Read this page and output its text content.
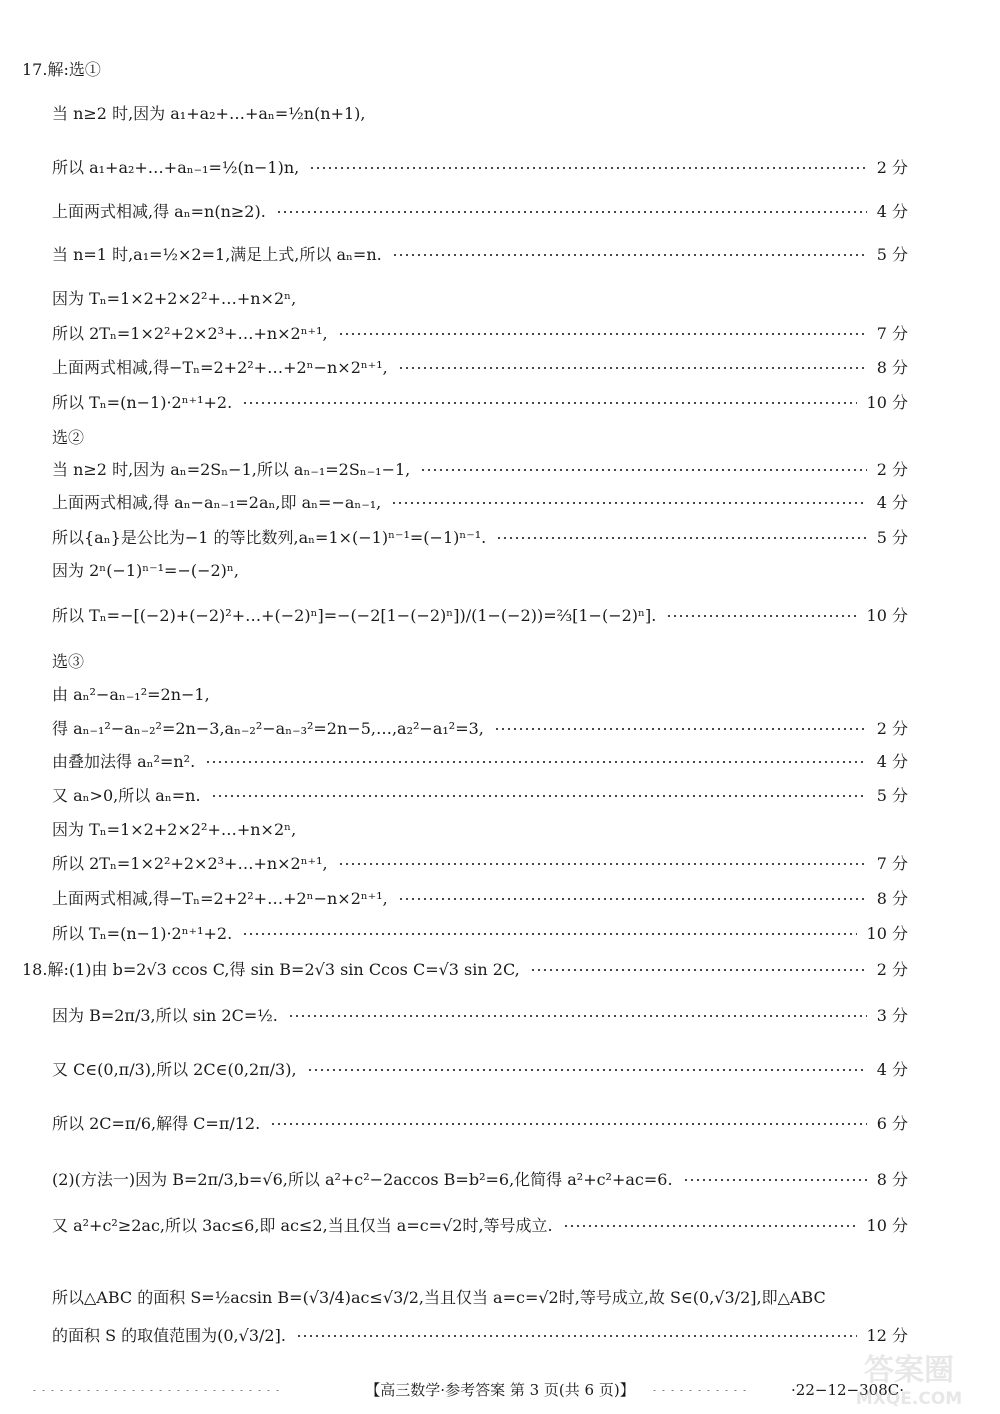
17.解:选①
当 n≥2 时,因为 a₁+a₂+…+aₙ=½n(n+1),
所以 a₁+a₂+…+aₙ₋₁=½(n−1)n,	2 分
上面两式相减,得 aₙ=n(n≥2).	4 分
当 n=1 时,a₁=½×2=1,满足上式,所以 aₙ=n.	5 分
因为 Tₙ=1×2+2×2²+…+n×2ⁿ,
所以 2Tₙ=1×2²+2×2³+…+n×2ⁿ⁺¹,	7 分
上面两式相减,得−Tₙ=2+2²+…+2ⁿ−n×2ⁿ⁺¹,	8 分
所以 Tₙ=(n−1)·2ⁿ⁺¹+2.	10 分
选②
当 n≥2 时,因为 aₙ=2Sₙ−1,所以 aₙ₋₁=2Sₙ₋₁−1,	2 分
上面两式相减,得 aₙ−aₙ₋₁=2aₙ,即 aₙ=−aₙ₋₁,	4 分
所以{aₙ}是公比为−1 的等比数列,aₙ=1×(−1)ⁿ⁻¹=(−1)ⁿ⁻¹.	5 分
因为 2ⁿ(−1)ⁿ⁻¹=−(−2)ⁿ,
所以 Tₙ=−[(−2)+(−2)²+…+(−2)ⁿ]=−(−2[1−(−2)ⁿ])/(1−(−2))=⅔[1−(−2)ⁿ].	10 分
选③
由 aₙ²−aₙ₋₁²=2n−1,
得 aₙ₋₁²−aₙ₋₂²=2n−3,aₙ₋₂²−aₙ₋₃²=2n−5,…,a₂²−a₁²=3,	2 分
由叠加法得 aₙ²=n².	4 分
又 aₙ>0,所以 aₙ=n.	5 分
因为 Tₙ=1×2+2×2²+…+n×2ⁿ,
所以 2Tₙ=1×2²+2×2³+…+n×2ⁿ⁺¹,	7 分
上面两式相减,得−Tₙ=2+2²+…+2ⁿ−n×2ⁿ⁺¹,	8 分
所以 Tₙ=(n−1)·2ⁿ⁺¹+2.	10 分
18.解:(1)由 b=2√3 ccos C,得 sin B=2√3 sin Ccos C=√3 sin 2C,	2 分
因为 B=2π/3,所以 sin 2C=½.	3 分
又 C∈(0,π/3),所以 2C∈(0,2π/3),	4 分
所以 2C=π/6,解得 C=π/12.	6 分
(2)(方法一)因为 B=2π/3,b=√6,所以 a²+c²−2accos B=b²=6,化简得 a²+c²+ac=6.	8 分
又 a²+c²≥2ac,所以 3ac≤6,即 ac≤2,当且仅当 a=c=√2时,等号成立.	10 分
所以△ABC 的面积 S=½acsin B=(√3/4)ac≤√3/2,当且仅当 a=c=√2时,等号成立,故 S∈(0,√3/2],即△ABC
的面积 S 的取值范围为(0,√3/2].	12 分
【高三数学·参考答案 第 3 页(共 6 页)】	·22−12−308C·
答案圈
MXQE.COM
